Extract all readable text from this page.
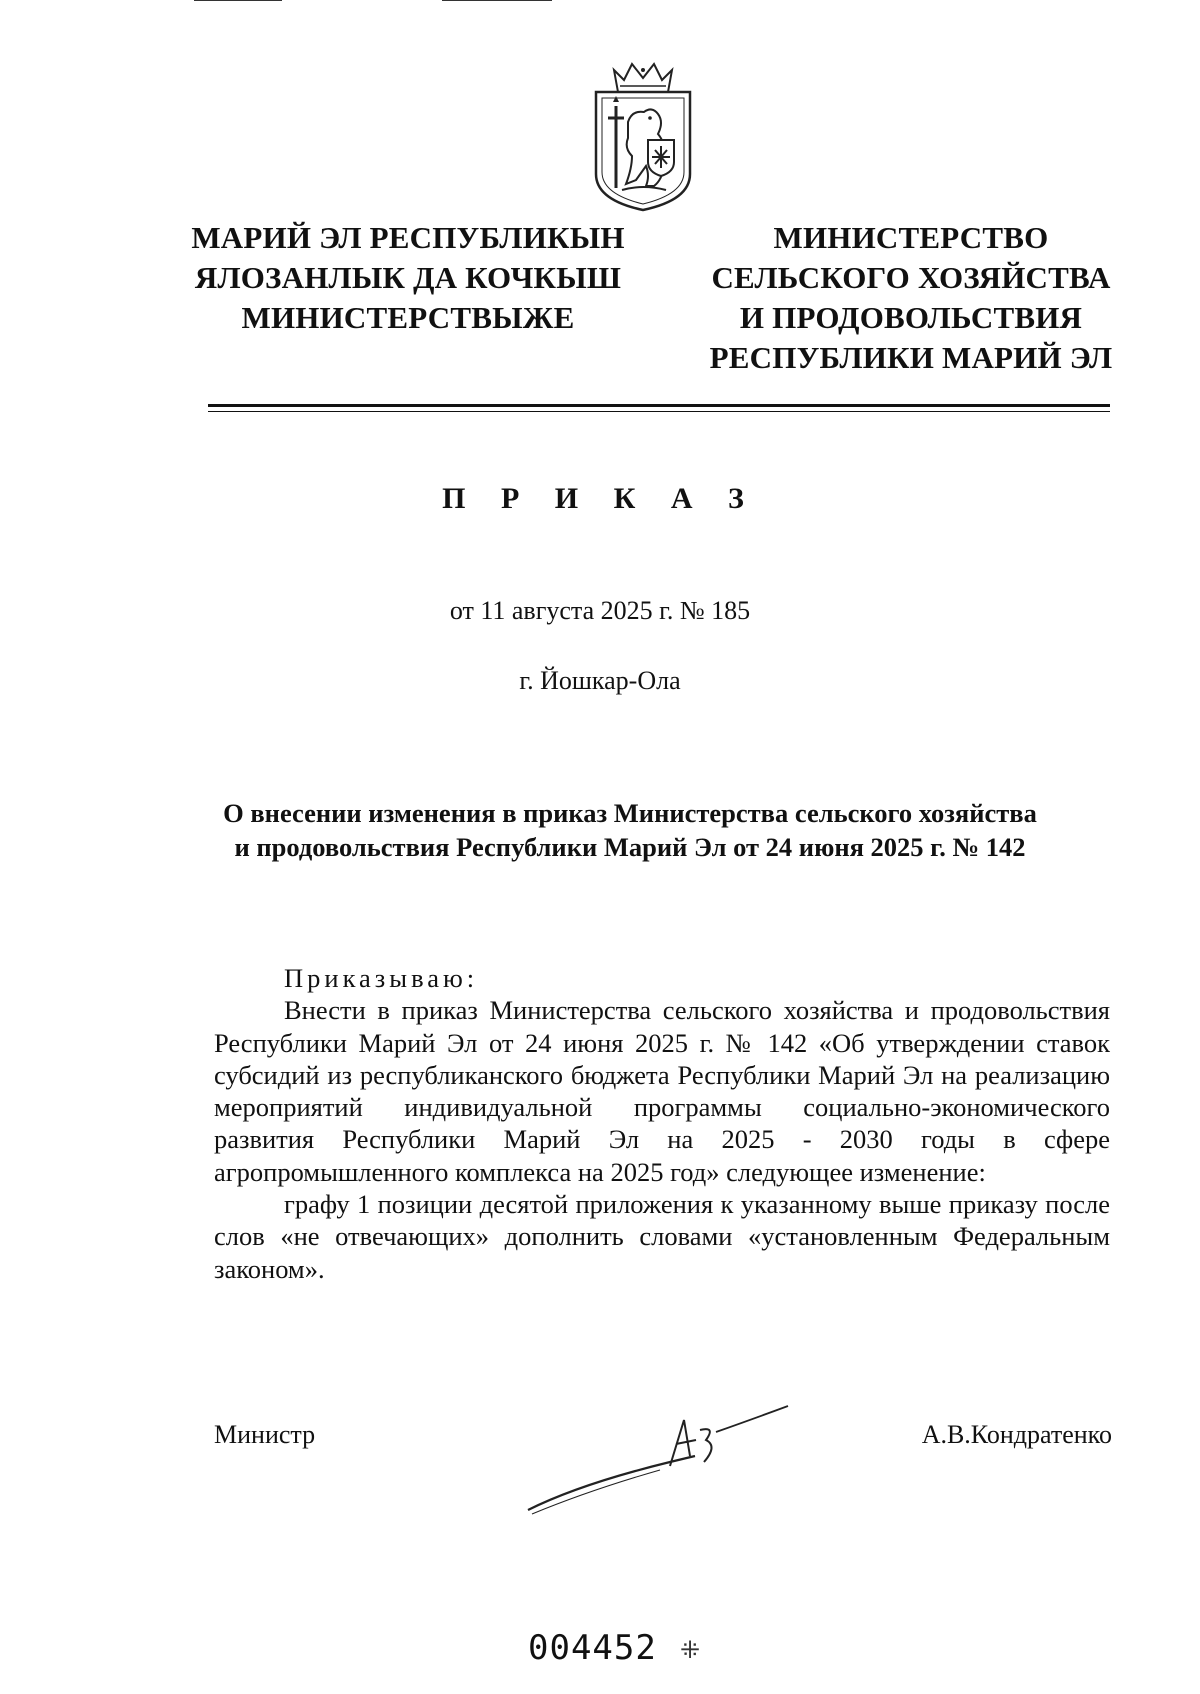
МАРИЙ ЭЛ РЕСПУБЛИКЫН
ЯЛОЗАНЛЫК ДА КОЧКЫШ
МИНИСТЕРСТВЫЖЕ
МИНИСТЕРСТВО
СЕЛЬСКОГО ХОЗЯЙСТВА
И ПРОДОВОЛЬСТВИЯ
РЕСПУБЛИКИ МАРИЙ ЭЛ
П Р И К А З
от 11 августа 2025 г. № 185
г. Йошкар-Ола
О внесении изменения в приказ Министерства сельского хозяйства
и продовольствия Республики Марий Эл от 24 июня 2025 г. № 142

Приказываю:

Внести в приказ Министерства сельского хозяйства и продовольствия Республики Марий Эл от 24 июня 2025 г. № 142 «Об утверждении ставок субсидий из республиканского бюджета Республики Марий Эл на реализацию мероприятий индивидуальной программы социально-экономического развития Республики Марий Эл на 2025 - 2030 годы в сфере агропромышленного комплекса на 2025 год» следующее изменение:

графу 1 позиции десятой приложения к указанному выше приказу после слов «не отвечающих» дополнить словами «установленным Федеральным законом».

Министр	А.В.Кондратенко
004452 ⁜
